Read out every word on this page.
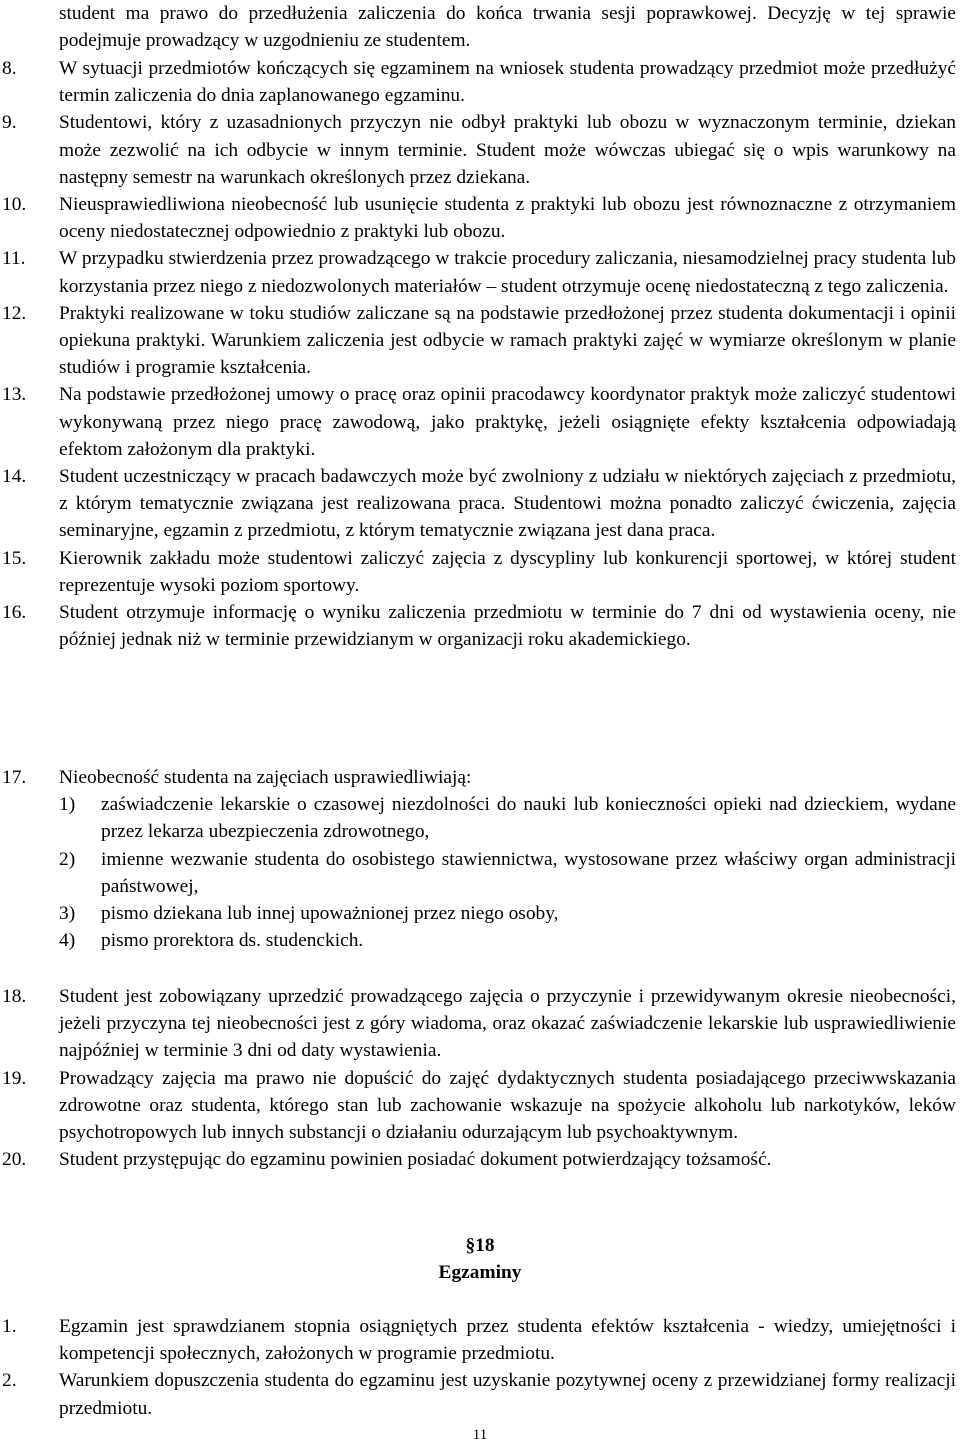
student ma prawo do przedłużenia zaliczenia do końca trwania sesji poprawkowej. Decyzję w tej sprawie podejmuje prowadzący w uzgodnieniu ze studentem.
8. W sytuacji przedmiotów kończących się egzaminem na wniosek studenta prowadzący przedmiot może przedłużyć termin zaliczenia do dnia zaplanowanego egzaminu.
9. Studentowi, który z uzasadnionych przyczyn nie odbył praktyki lub obozu w wyznaczonym terminie, dziekan może zezwolić na ich odbycie w innym terminie. Student może wówczas ubiegać się o wpis warunkowy na następny semestr na warunkach określonych przez dziekana.
10. Nieusprawiedliwiona nieobecność lub usunięcie studenta z praktyki lub obozu jest równoznaczne z otrzymaniem oceny niedostatecznej odpowiednio z praktyki lub obozu.
11. W przypadku stwierdzenia przez prowadzącego w trakcie procedury zaliczania, niesamodzielnej pracy studenta lub korzystania przez niego z niedozwolonych materiałów – student otrzymuje ocenę niedostateczną z tego zaliczenia.
12. Praktyki realizowane w toku studiów zaliczane są na podstawie przedłożonej przez studenta dokumentacji i opinii opiekuna praktyki. Warunkiem zaliczenia jest odbycie w ramach praktyki zajęć w wymiarze określonym w planie studiów i programie kształcenia.
13. Na podstawie przedłożonej umowy o pracę oraz opinii pracodawcy koordynator praktyk może zaliczyć studentowi wykonywaną przez niego pracę zawodową, jako praktykę, jeżeli osiągnięte efekty kształcenia odpowiadają efektom założonym dla praktyki.
14. Student uczestniczący w pracach badawczych może być zwolniony z udziału w niektórych zajęciach z przedmiotu, z którym tematycznie związana jest realizowana praca. Studentowi można ponadto zaliczyć ćwiczenia, zajęcia seminaryjne, egzamin z przedmiotu, z którym tematycznie związana jest dana praca.
15. Kierownik zakładu może studentowi zaliczyć zajęcia z dyscypliny lub konkurencji sportowej, w której student reprezentuje wysoki poziom sportowy.
16. Student otrzymuje informację o wyniku zaliczenia przedmiotu w terminie do 7 dni od wystawienia oceny, nie później jednak niż w terminie przewidzianym w organizacji roku akademickiego.
17. Nieobecność studenta na zajęciach usprawiedliwiają:
1) zaświadczenie lekarskie o czasowej niezdolności do nauki lub konieczności opieki nad dzieckiem, wydane przez lekarza ubezpieczenia zdrowotnego,
2) imienne wezwanie studenta do osobistego stawiennictwa, wystosowane przez właściwy organ administracji państwowej,
3) pismo dziekana lub innej upoważnionej przez niego osoby,
4) pismo prorektora ds. studenckich.
18. Student jest zobowiązany uprzedzić prowadzącego zajęcia o przyczynie i przewidywanym okresie nieobecności, jeżeli przyczyna tej nieobecności jest z góry wiadoma, oraz okazać zaświadczenie lekarskie lub usprawiedliwienie najpóźniej w terminie 3 dni od daty wystawienia.
19. Prowadzący zajęcia ma prawo nie dopuścić do zajęć dydaktycznych studenta posiadającego przeciwwskazania zdrowotne oraz studenta, którego stan lub zachowanie wskazuje na spożycie alkoholu lub narkotyków, leków psychotropowych lub innych substancji o działaniu odurzającym lub psychoaktywnym.
20. Student przystępując do egzaminu powinien posiadać dokument potwierdzający tożsamość.
§18
Egzaminy
1. Egzamin jest sprawdzianem stopnia osiągniętych przez studenta efektów kształcenia - wiedzy, umiejętności i kompetencji społecznych, założonych w programie przedmiotu.
2. Warunkiem dopuszczenia studenta do egzaminu jest uzyskanie pozytywnej oceny z przewidzianej formy realizacji przedmiotu.
11
